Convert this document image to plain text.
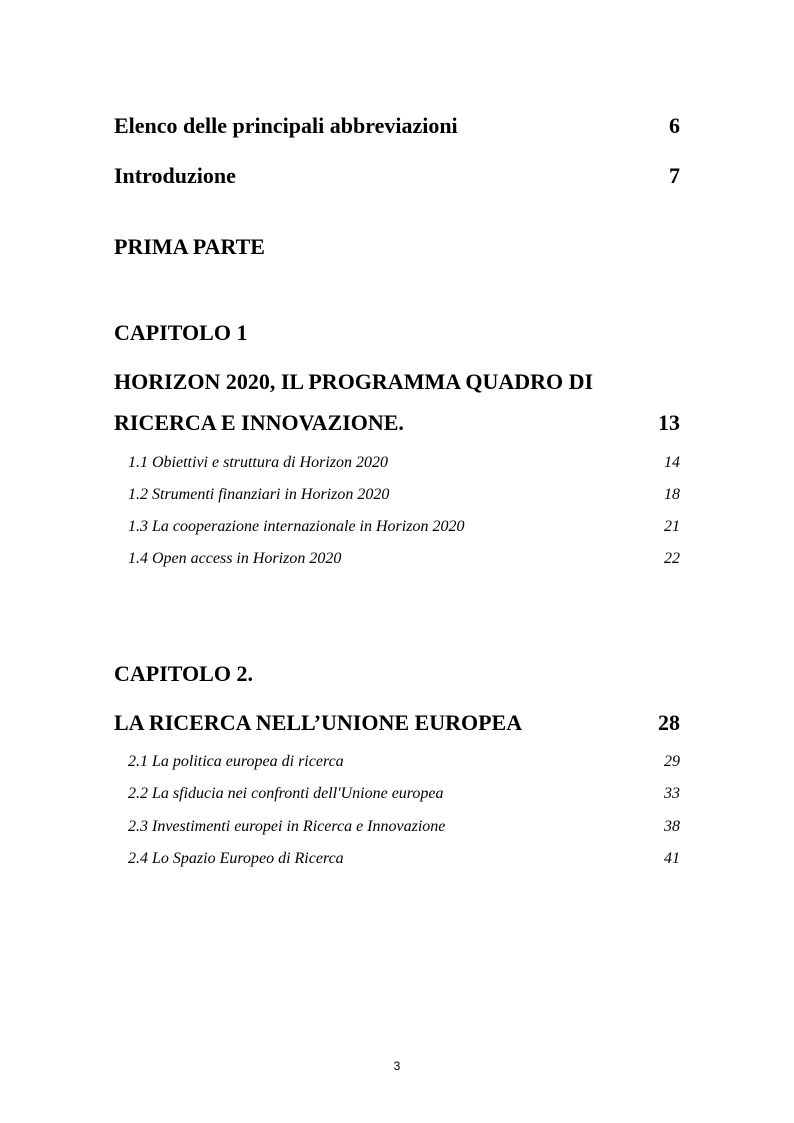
Elenco delle principali abbreviazioni	6
Introduzione	7
PRIMA PARTE
CAPITOLO 1
HORIZON 2020, IL PROGRAMMA QUADRO DI
RICERCA E INNOVAZIONE.	13
1.1 Obiettivi e struttura di Horizon 2020	14
1.2 Strumenti finanziari in Horizon 2020	18
1.3 La cooperazione internazionale in Horizon 2020	21
1.4 Open access in Horizon 2020	22
CAPITOLO 2.
LA RICERCA NELL’UNIONE EUROPEA	28
2.1 La politica europea di ricerca	29
2.2 La sfiducia nei confronti dell'Unione europea	33
2.3 Investimenti europei in Ricerca e Innovazione	38
2.4 Lo Spazio Europeo di Ricerca	41
3
